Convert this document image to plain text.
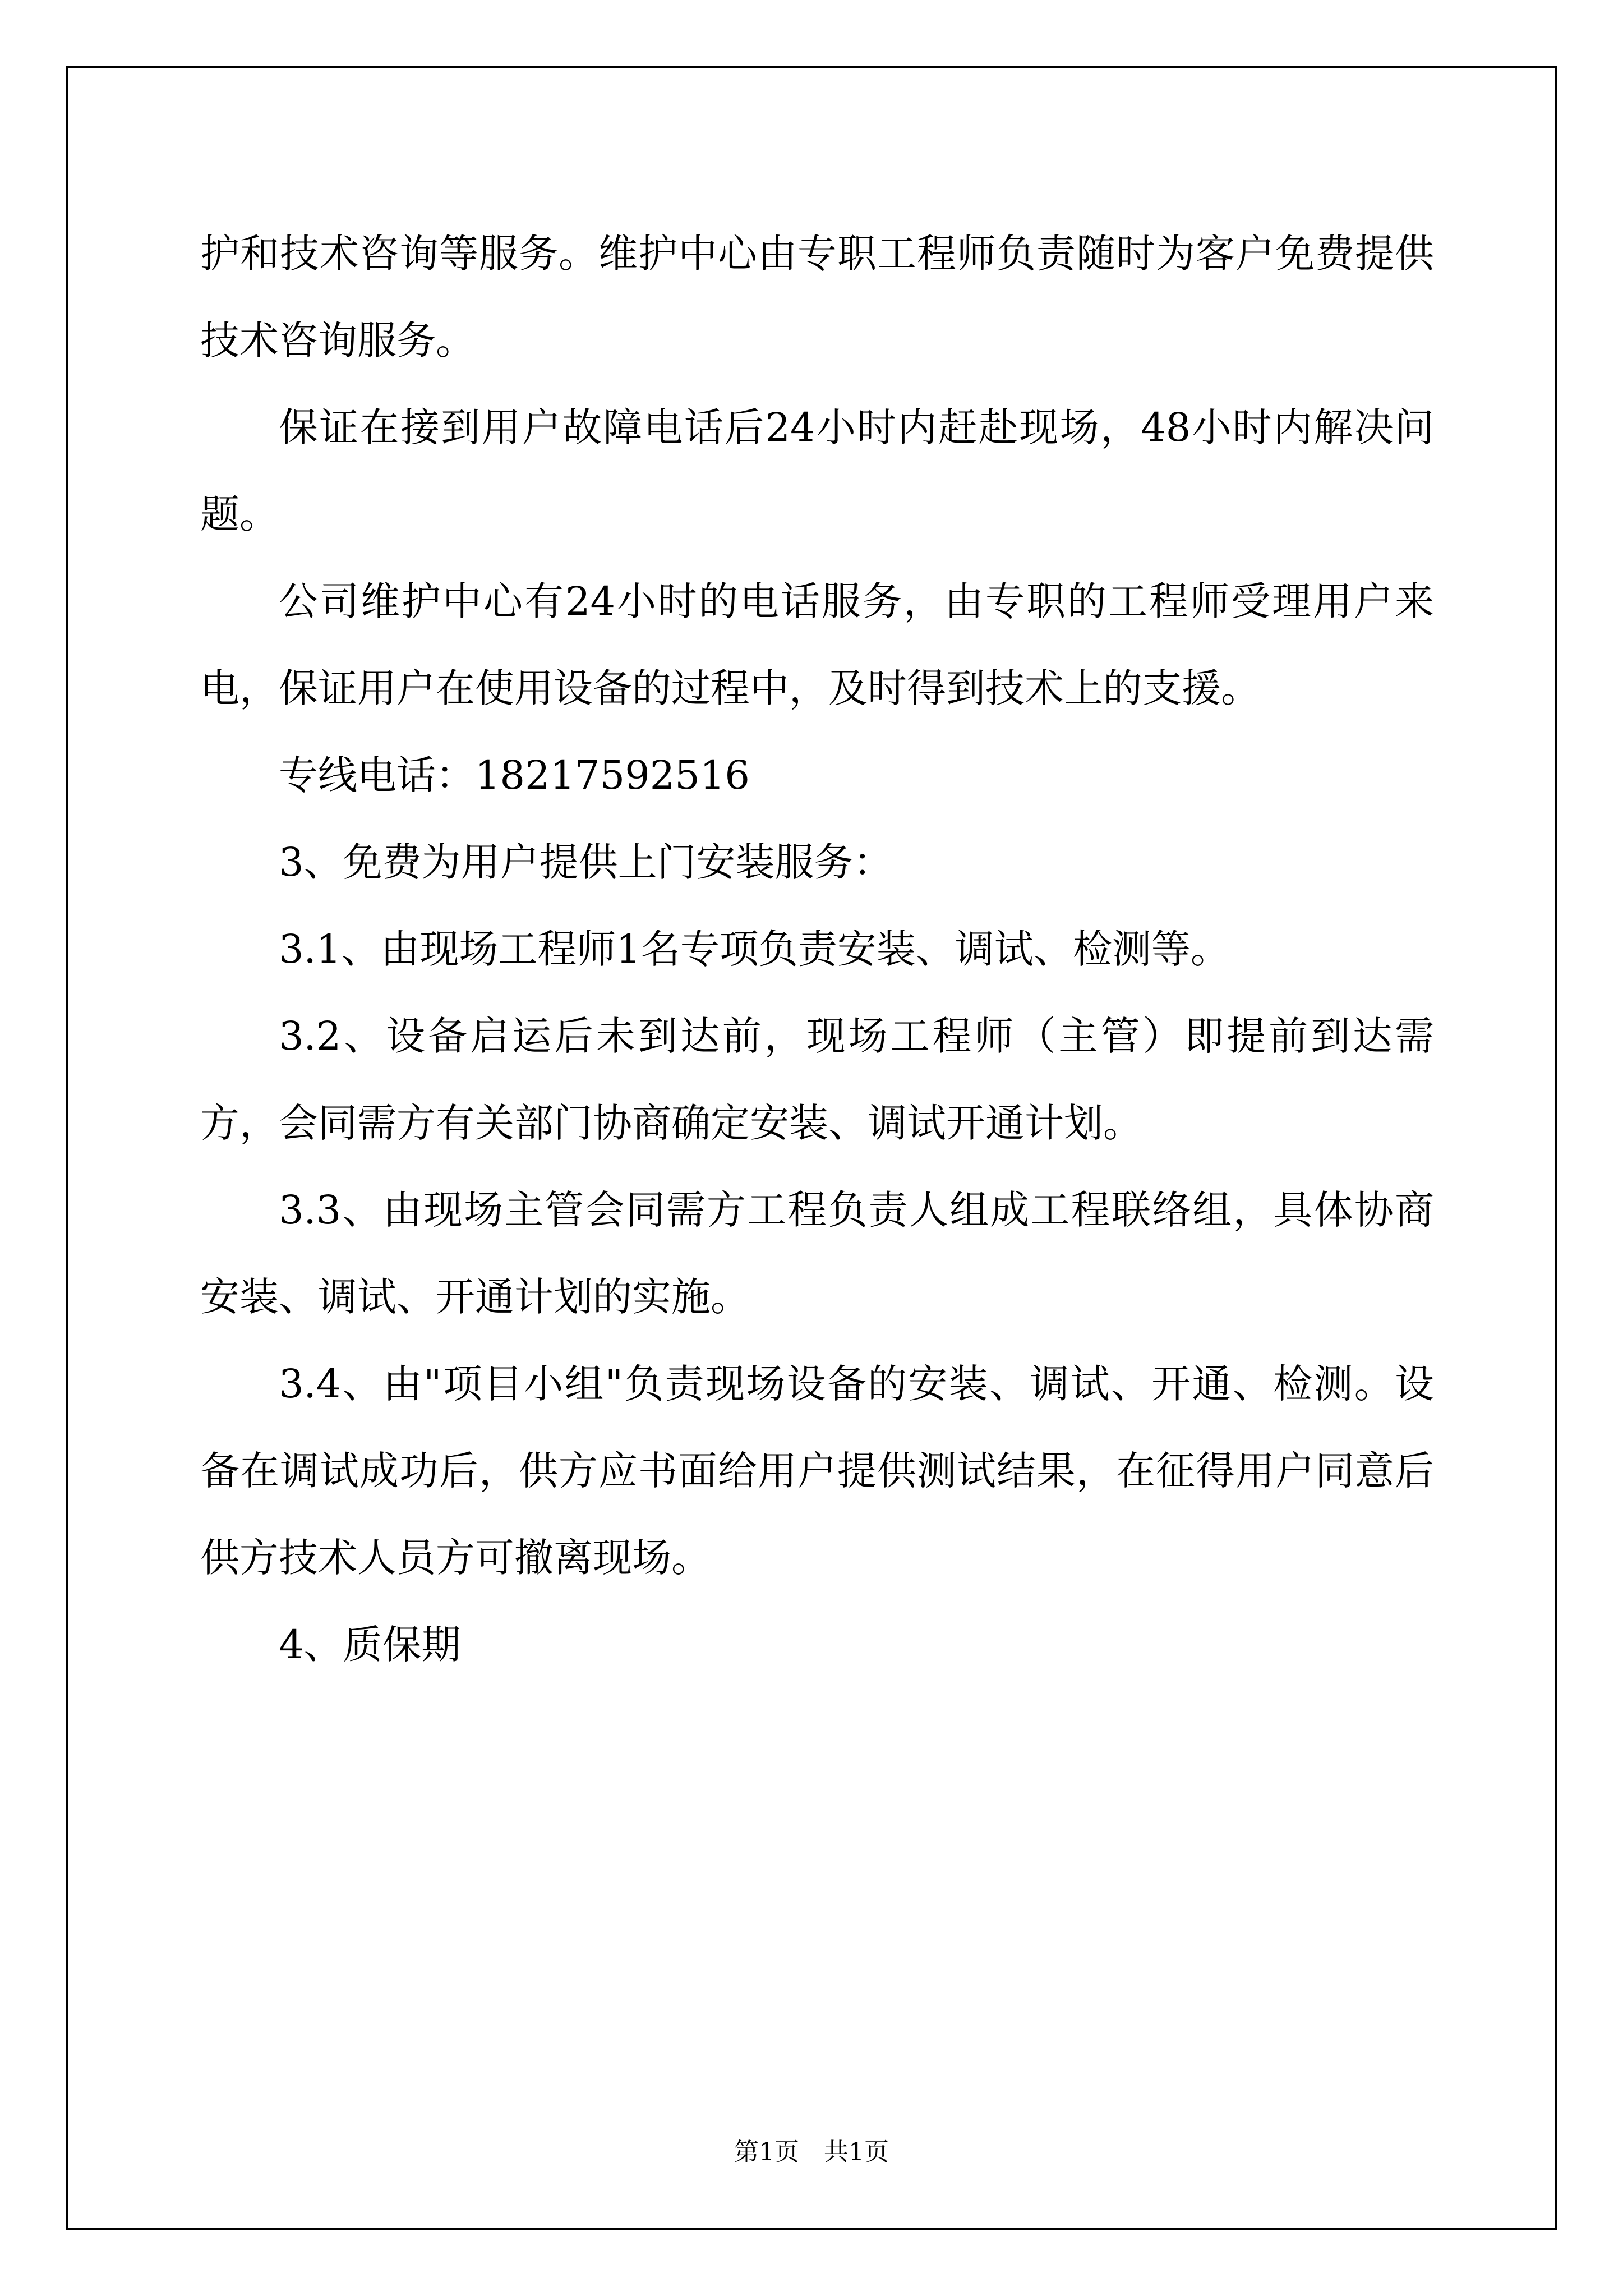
护和技术咨询等服务。维护中心由专职工程师负责随时为客户免费提供技术咨询服务。

保证在接到用户故障电话后24小时内赶赴现场，48小时内解决问题。

公司维护中心有24小时的电话服务，由专职的工程师受理用户来电，保证用户在使用设备的过程中，及时得到技术上的支援。

专线电话：18217592516

3、免费为用户提供上门安装服务：

3.1、由现场工程师1名专项负责安装、调试、检测等。

3.2、设备启运后未到达前，现场工程师（主管）即提前到达需方，会同需方有关部门协商确定安装、调试开通计划。

3.3、由现场主管会同需方工程负责人组成工程联络组，具体协商安装、调试、开通计划的实施。

3.4、由"项目小组"负责现场设备的安装、调试、开通、检测。设备在调试成功后，供方应书面给用户提供测试结果，在征得用户同意后供方技术人员方可撤离现场。

4、质保期

第1页　共1页
